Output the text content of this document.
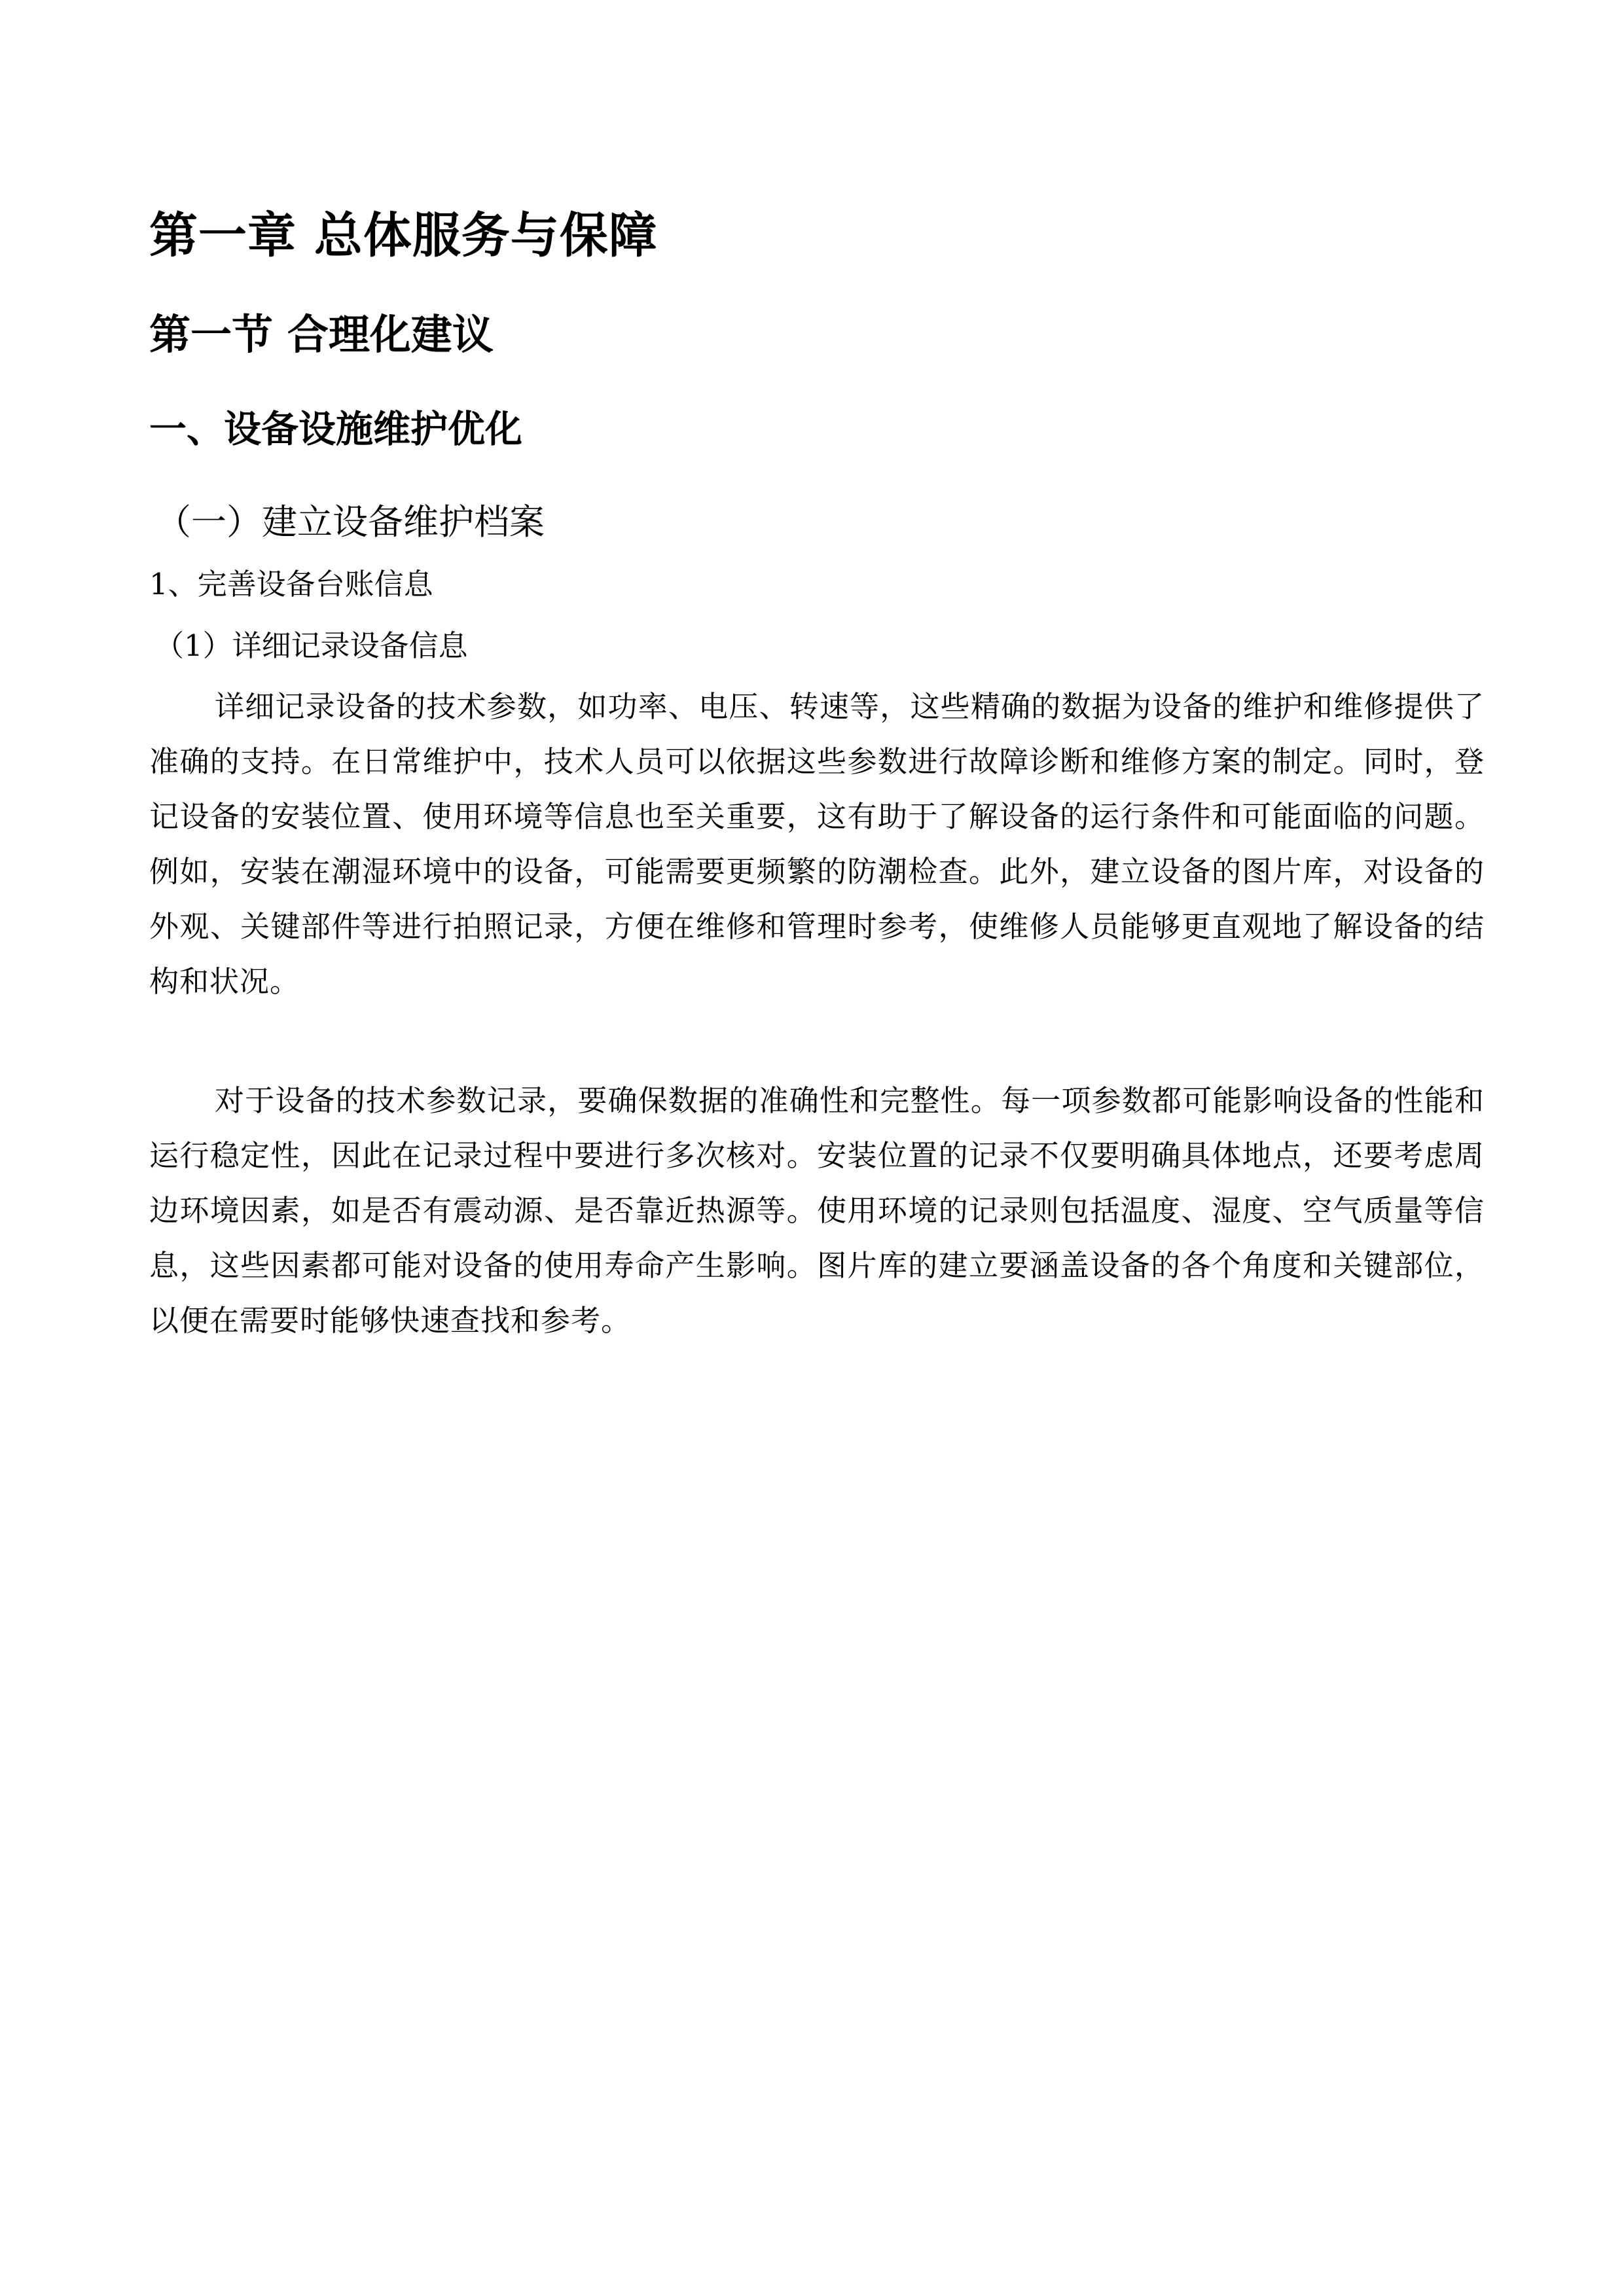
第一章 总体服务与保障
第一节 合理化建议
一、设备设施维护优化
（一）建立设备维护档案
1、完善设备台账信息
（1）详细记录设备信息

详细记录设备的技术参数，如功率、电压、转速等，这些精确的数据为设备的维护和维修提供了准确的支持。在日常维护中，技术人员可以依据这些参数进行故障诊断和维修方案的制定。同时，登记设备的安装位置、使用环境等信息也至关重要，这有助于了解设备的运行条件和可能面临的问题。例如，安装在潮湿环境中的设备，可能需要更频繁的防潮检查。此外，建立设备的图片库，对设备的外观、关键部件等进行拍照记录，方便在维修和管理时参考，使维修人员能够更直观地了解设备的结构和状况。

对于设备的技术参数记录，要确保数据的准确性和完整性。每一项参数都可能影响设备的性能和运行稳定性，因此在记录过程中要进行多次核对。安装位置的记录不仅要明确具体地点，还要考虑周边环境因素，如是否有震动源、是否靠近热源等。使用环境的记录则包括温度、湿度、空气质量等信息，这些因素都可能对设备的使用寿命产生影响。图片库的建立要涵盖设备的各个角度和关键部位，以便在需要时能够快速查找和参考。
